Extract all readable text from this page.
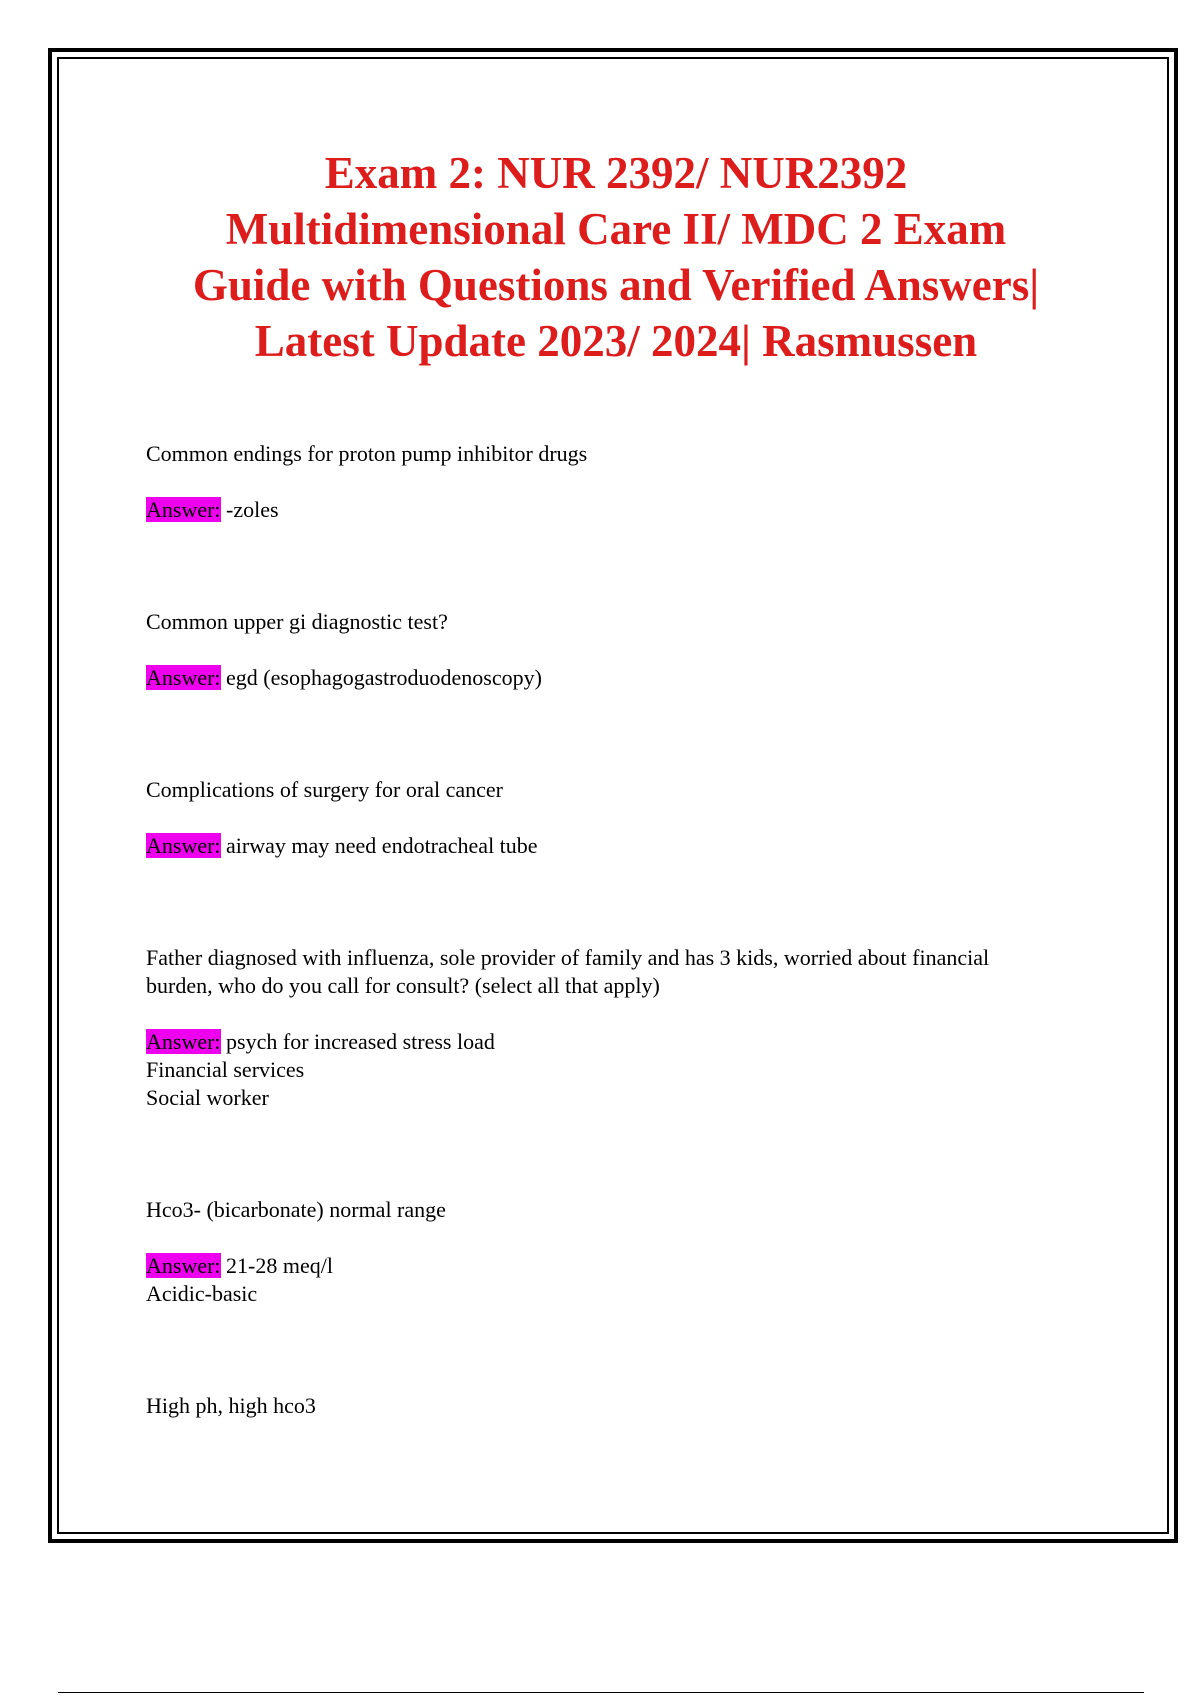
Exam 2: NUR 2392/ NUR2392
Multidimensional Care II/ MDC 2 Exam
Guide with Questions and Verified Answers|
Latest Update 2023/ 2024| Rasmussen

Common endings for proton pump inhibitor drugs

Answer: -zoles

Common upper gi diagnostic test?

Answer: egd (esophagogastroduodenoscopy)

Complications of surgery for oral cancer

Answer: airway may need endotracheal tube

Father diagnosed with influenza, sole provider of family and has 3 kids, worried about financial
burden, who do you call for consult? (select all that apply)

Answer: psych for increased stress load
Financial services
Social worker

Hco3- (bicarbonate) normal range

Answer: 21-28 meq/l
Acidic-basic

High ph, high hco3
